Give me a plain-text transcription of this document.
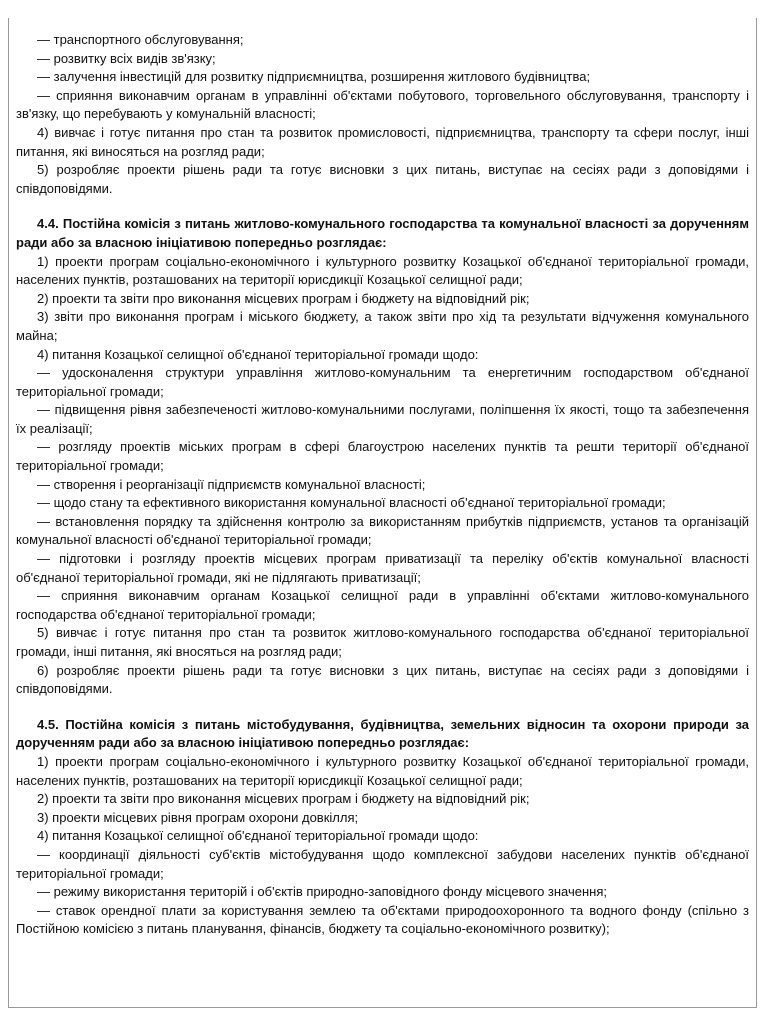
— транспортного обслуговування;

— розвитку всіх видів зв'язку;

— залучення інвестицій для розвитку підприємництва, розширення житлового будівництва;

— сприяння виконавчим органам в управлінні об'єктами побутового, торговельного обслуговування, транспорту і зв'язку, що перебувають у комунальній власності;

4) вивчає і готує питання про стан та розвиток промисловості, підприємництва, транспорту та сфери послуг, інші питання, які виносяться на розгляд ради;

5) розробляє проекти рішень ради та готує висновки з цих питань, виступає на сесіях ради з доповідями і співдоповідями.

4.4. Постійна комісія з питань житлово-комунального господарства та комунальної власності за дорученням ради або за власною ініціативою попередньо розглядає:

1) проекти програм соціально-економічного і культурного розвитку Козацької об'єднаної територіальної громади, населених пунктів, розташованих на території юрисдикції Козацької селищної ради;

2) проекти та звіти про виконання місцевих програм і бюджету на відповідний рік;

3) звіти про виконання програм і міського бюджету, а також звіти про хід та результати відчуження комунального майна;

4) питання Козацької селищної об'єднаної територіальної громади щодо:

— удосконалення структури управління житлово-комунальним та енергетичним господарством об'єднаної територіальної громади;

— підвищення рівня забезпеченості житлово-комунальними послугами, поліпшення їх якості, тощо та забезпечення їх реалізації;

— розгляду проектів міських програм в сфері благоустрою населених пунктів та решти території об'єднаної територіальної громади;

— створення і реорганізації підприємств комунальної власності;

— щодо стану та ефективного використання комунальної власності об'єднаної територіальної громади;

— встановлення порядку та здійснення контролю за використанням прибутків підприємств, установ та організацій комунальної власності об'єднаної територіальної громади;

— підготовки і розгляду проектів місцевих програм приватизації та переліку об'єктів комунальної власності об'єднаної територіальної громади, які не підлягають приватизації;

— сприяння виконавчим органам Козацької селищної ради в управлінні об'єктами житлово-комунального господарства об'єднаної територіальної громади;

5) вивчає і готує питання про стан та розвиток житлово-комунального господарства об'єднаної територіальної громади, інші питання, які вносяться на розгляд ради;

6) розробляє проекти рішень ради та готує висновки з цих питань, виступає на сесіях ради з доповідями і співдоповідями.

4.5. Постійна комісія з питань містобудування, будівництва, земельних відносин та охорони природи за дорученням ради або за власною ініціативою попередньо розглядає:

1) проекти програм соціально-економічного і культурного розвитку Козацької об'єднаної територіальної громади, населених пунктів, розташованих на території юрисдикції Козацької селищної ради;

2) проекти та звіти про виконання місцевих програм і бюджету на відповідний рік;

3) проекти місцевих рівня програм охорони довкілля;

4) питання Козацької селищної об'єднаної територіальної громади щодо:

— координації діяльності суб'єктів містобудування щодо комплексної забудови населених пунктів об'єднаної територіальної громади;

— режиму використання територій і об'єктів природно-заповідного фонду місцевого значення;

— ставок орендної плати за користування землею та об'єктами природоохоронного та водного фонду (спільно з Постійною комісією з питань планування, фінансів, бюджету та соціально-економічного розвитку);
